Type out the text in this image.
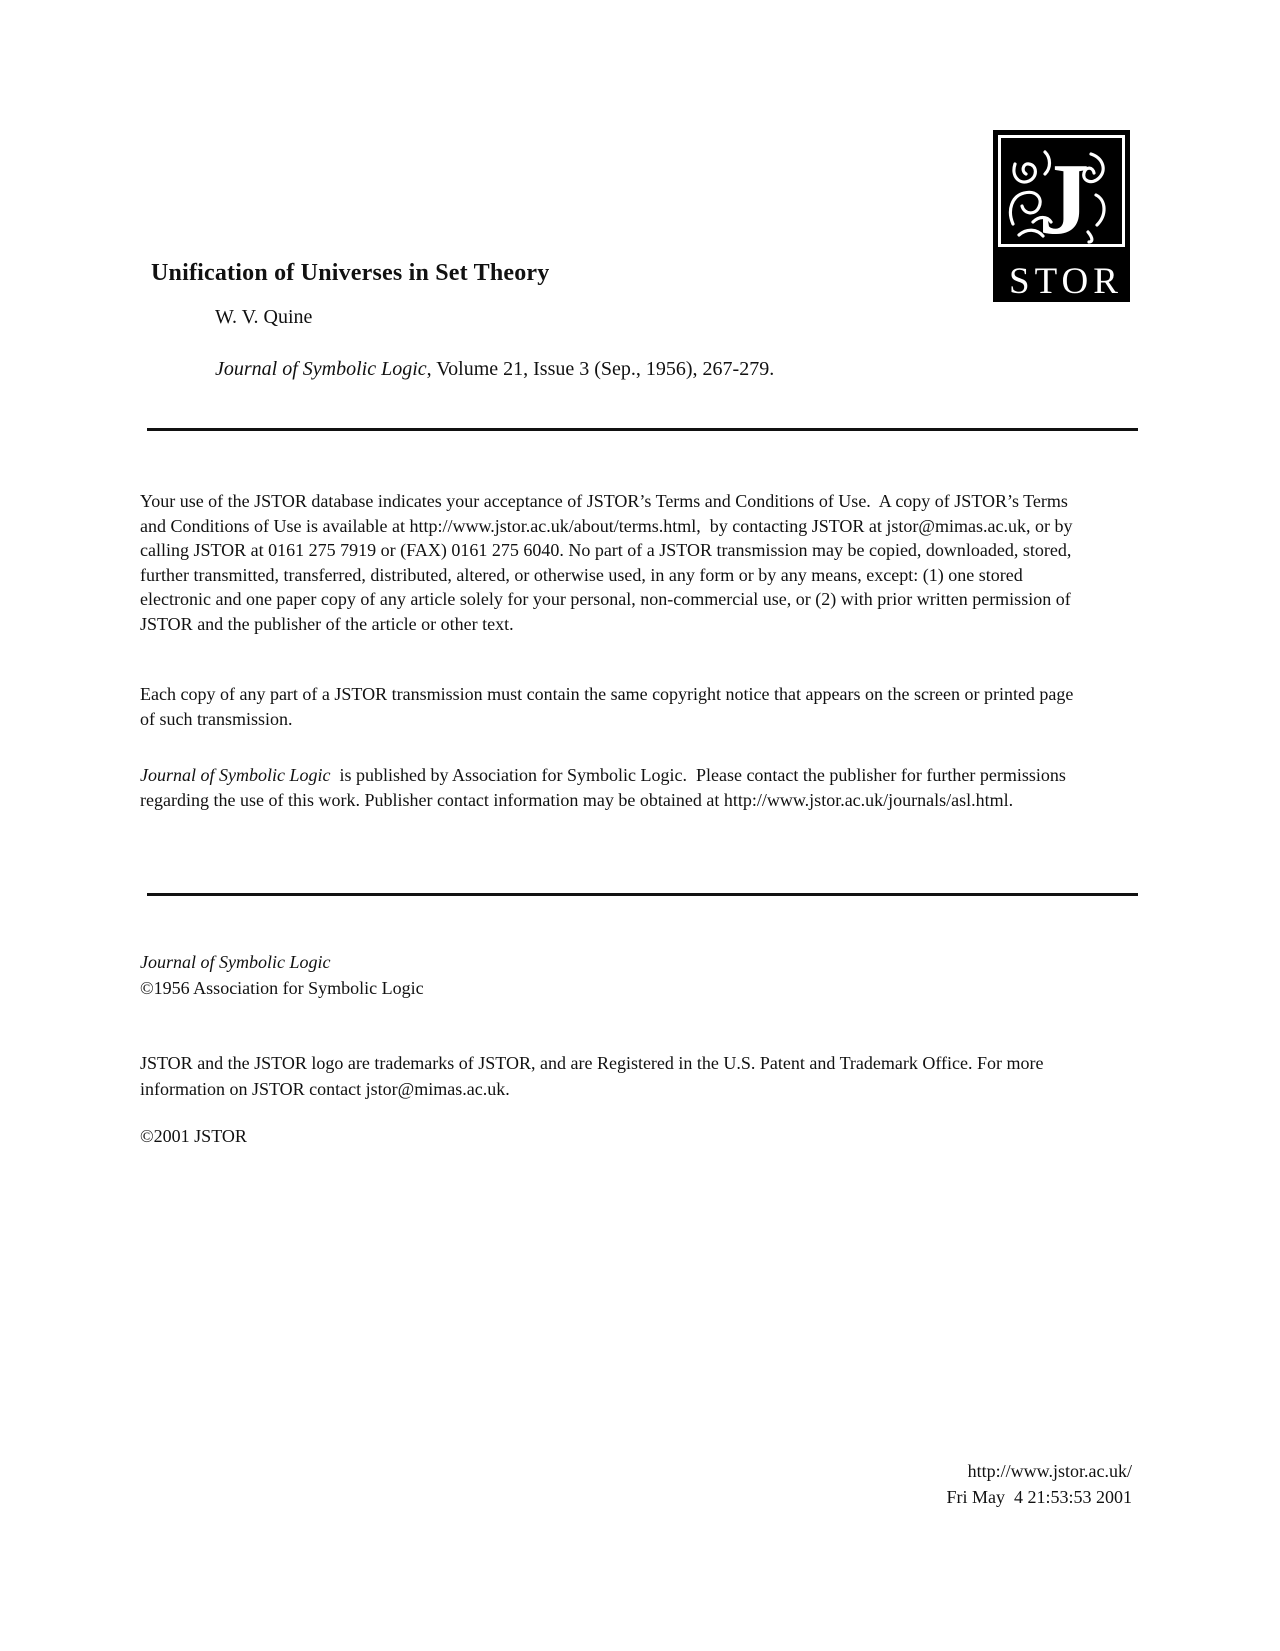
J
STOR
Unification of Universes in Set Theory
W. V. Quine
Journal of Symbolic Logic, Volume 21, Issue 3 (Sep., 1956), 267-279.

Your use of the JSTOR database indicates your acceptance of JSTOR’s Terms and Conditions of Use.  A copy of JSTOR’s Terms and Conditions of Use is available at http://www.jstor.ac.uk/about/terms.html,  by contacting JSTOR at jstor@mimas.ac.uk, or by calling JSTOR at 0161 275 7919 or (FAX) 0161 275 6040. No part of a JSTOR transmission may be copied, downloaded, stored, further transmitted, transferred, distributed, altered, or otherwise used, in any form or by any means, except: (1) one stored electronic and one paper copy of any article solely for your personal, non-commercial use, or (2) with prior written permission of JSTOR and the publisher of the article or other text.

Each copy of any part of a JSTOR transmission must contain the same copyright notice that appears on the screen or printed page of such transmission.

Journal of Symbolic Logic  is published by Association for Symbolic Logic.  Please contact the publisher for further permissions regarding the use of this work. Publisher contact information may be obtained at http://www.jstor.ac.uk/journals/asl.html.

Journal of Symbolic Logic
©1956 Association for Symbolic Logic
JSTOR and the JSTOR logo are trademarks of JSTOR, and are Registered in the U.S. Patent and Trademark Office. For more information on JSTOR contact jstor@mimas.ac.uk.
©2001 JSTOR
http://www.jstor.ac.uk/
Fri May  4 21:53:53 2001
